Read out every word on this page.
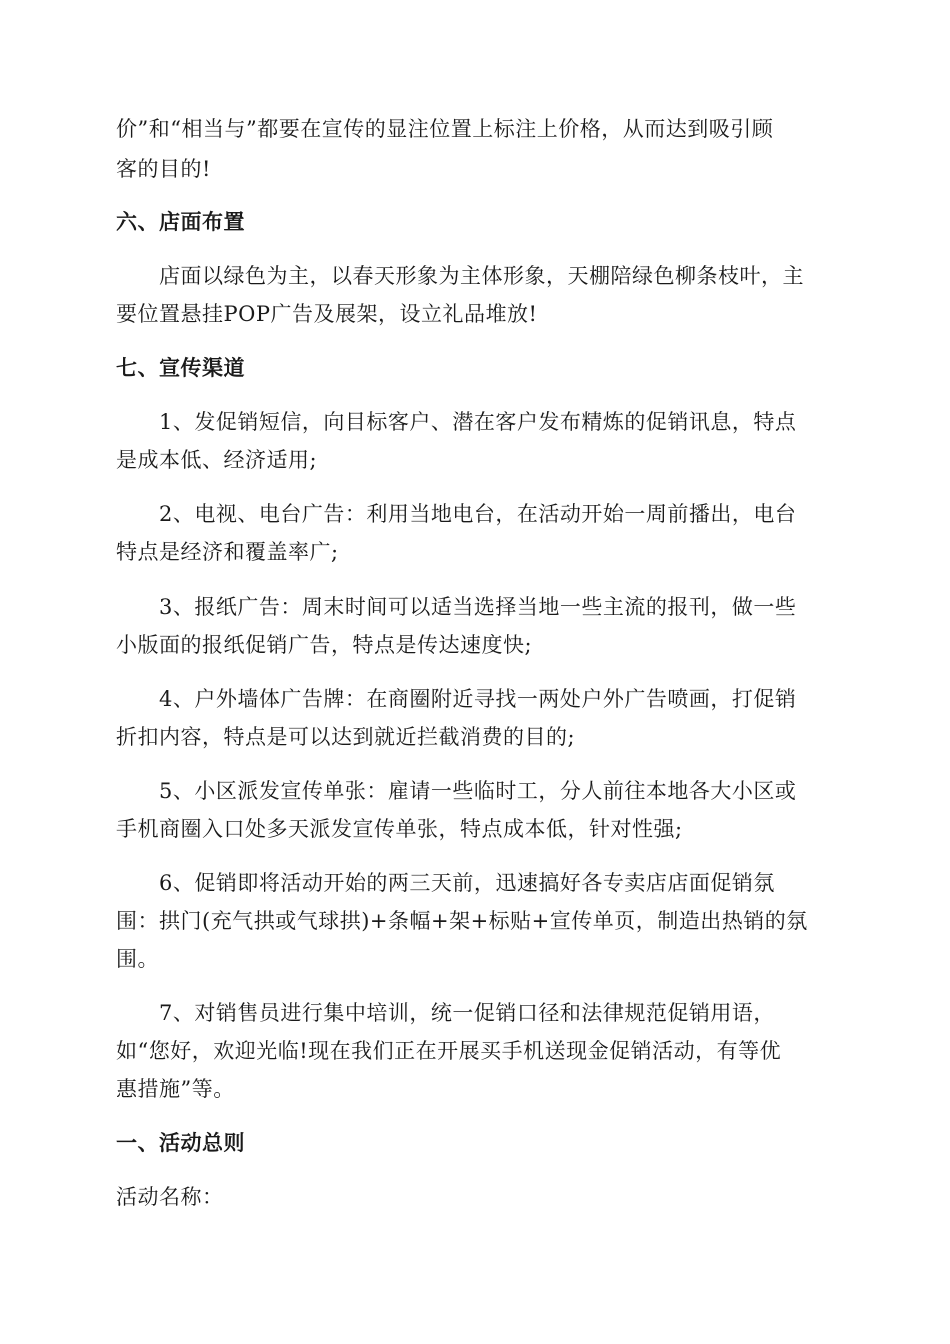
价”和“相当与”都要在宣传的显注位置上标注上价格，从而达到吸引顾
客的目的!
六、店面布置
　　店面以绿色为主，以春天形象为主体形象，天棚陪绿色柳条枝叶，主
要位置悬挂POP广告及展架，设立礼品堆放!
七、宣传渠道
　　1、发促销短信，向目标客户、潜在客户发布精炼的促销讯息，特点
是成本低、经济适用;
　　2、电视、电台广告：利用当地电台，在活动开始一周前播出，电台
特点是经济和覆盖率广;
　　3、报纸广告：周末时间可以适当选择当地一些主流的报刊，做一些
小版面的报纸促销广告，特点是传达速度快;
　　4、户外墙体广告牌：在商圈附近寻找一两处户外广告喷画，打促销
折扣内容，特点是可以达到就近拦截消费的目的;
　　5、小区派发宣传单张：雇请一些临时工，分人前往本地各大小区或
手机商圈入口处多天派发宣传单张，特点成本低，针对性强;
　　6、促销即将活动开始的两三天前，迅速搞好各专卖店店面促销氛
围：拱门(充气拱或气球拱)+条幅+架+标贴+宣传单页，制造出热销的氛
围。
　　7、对销售员进行集中培训，统一促销口径和法律规范促销用语，
如“您好，欢迎光临!现在我们正在开展买手机送现金促销活动，有等优
惠措施”等。
一、活动总则
活动名称：
